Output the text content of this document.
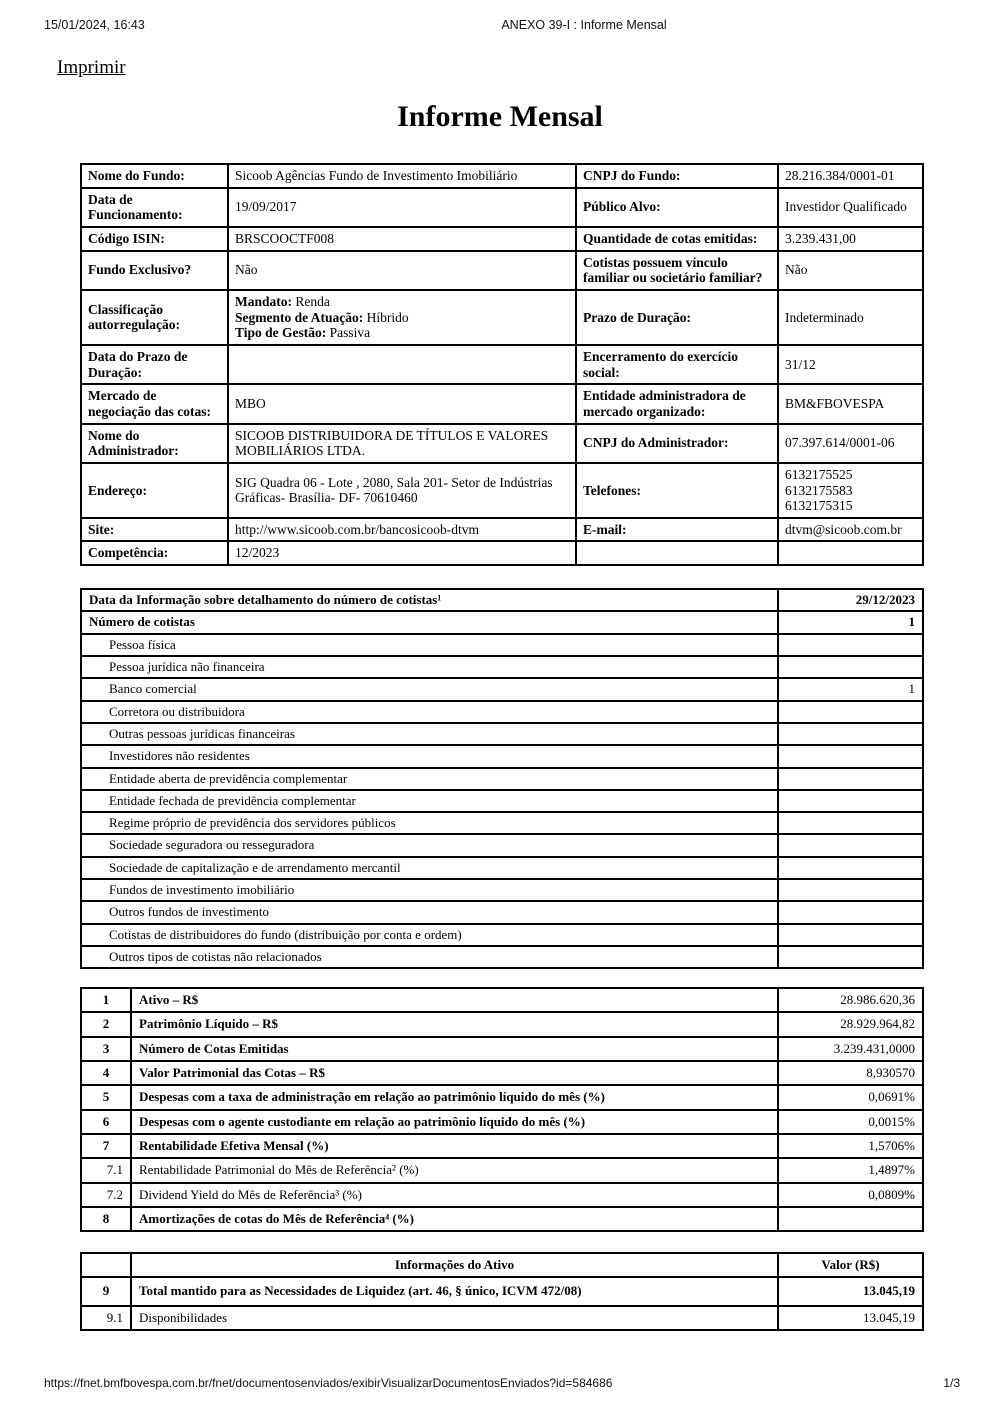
15/01/2024, 16:43	ANEXO 39-I : Informe Mensal
Imprimir
Informe Mensal
Nome do Fundo:	Sicoob Agências Fundo de Investimento Imobiliário	CNPJ do Fundo:	28.216.384/0001-01
Data de Funcionamento:	19/09/2017	Público Alvo:	Investidor Qualificado
Código ISIN:	BRSCOOCTF008	Quantidade de cotas emitidas:	3.239.431,00
Fundo Exclusivo?	Não	Cotistas possuem vínculo familiar ou societário familiar?	Não
Classificação autorregulação:	Mandato: Renda
Segmento de Atuação: Híbrido
Tipo de Gestão: Passiva	Prazo de Duração:	Indeterminado
Data do Prazo de Duração:		Encerramento do exercício social:	31/12
Mercado de negociação das cotas:	MBO	Entidade administradora de mercado organizado:	BM&FBOVESPA
Nome do Administrador:	SICOOB DISTRIBUIDORA DE TÍTULOS E VALORES MOBILIÁRIOS LTDA.	CNPJ do Administrador:	07.397.614/0001-06
Endereço:	SIG Quadra 06 - Lote , 2080, Sala 201- Setor de Indústrias Gráficas- Brasília- DF- 70610460	Telefones:	6132175525
6132175583
6132175315

Site:	http://www.sicoob.com.br/bancosicoob-dtvm	E-mail:	dtvm@sicoob.com.br
Competência:	12/2023		
Data da Informação sobre detalhamento do número de cotistas¹	29/12/2023
Número de cotistas	1
Pessoa física	
Pessoa jurídica não financeira	
Banco comercial	1
Corretora ou distribuidora	
Outras pessoas jurídicas financeiras	
Investidores não residentes	
Entidade aberta de previdência complementar	
Entidade fechada de previdência complementar	
Regime próprio de previdência dos servidores públicos	
Sociedade seguradora ou resseguradora	
Sociedade de capitalização e de arrendamento mercantil	
Fundos de investimento imobiliário	
Outros fundos de investimento	
Cotistas de distribuidores do fundo (distribuição por conta e ordem)	
Outros tipos de cotistas não relacionados	
1	Ativo – R$	28.986.620,36
2	Patrimônio Líquido – R$	28.929.964,82
3	Número de Cotas Emitidas	3.239.431,0000
4	Valor Patrimonial das Cotas – R$	8,930570
5	Despesas com a taxa de administração em relação ao patrimônio líquido do mês (%)	0,0691%
6	Despesas com o agente custodiante em relação ao patrimônio líquido do mês (%)	0,0015%
7	Rentabilidade Efetiva Mensal (%)	1,5706%
7.1	Rentabilidade Patrimonial do Mês de Referência² (%)	1,4897%
7.2	Dividend Yield do Mês de Referência³ (%)	0,0809%
8	Amortizações de cotas do Mês de Referência⁴ (%)	
	Informações do Ativo	Valor (R$)
9	Total mantido para as Necessidades de Liquidez (art. 46, § único, ICVM 472/08)	13.045,19
9.1	Disponibilidades	13.045,19
https://fnet.bmfbovespa.com.br/fnet/documentosenviados/exibirVisualizarDocumentosEnviados?id=584686	1/3
